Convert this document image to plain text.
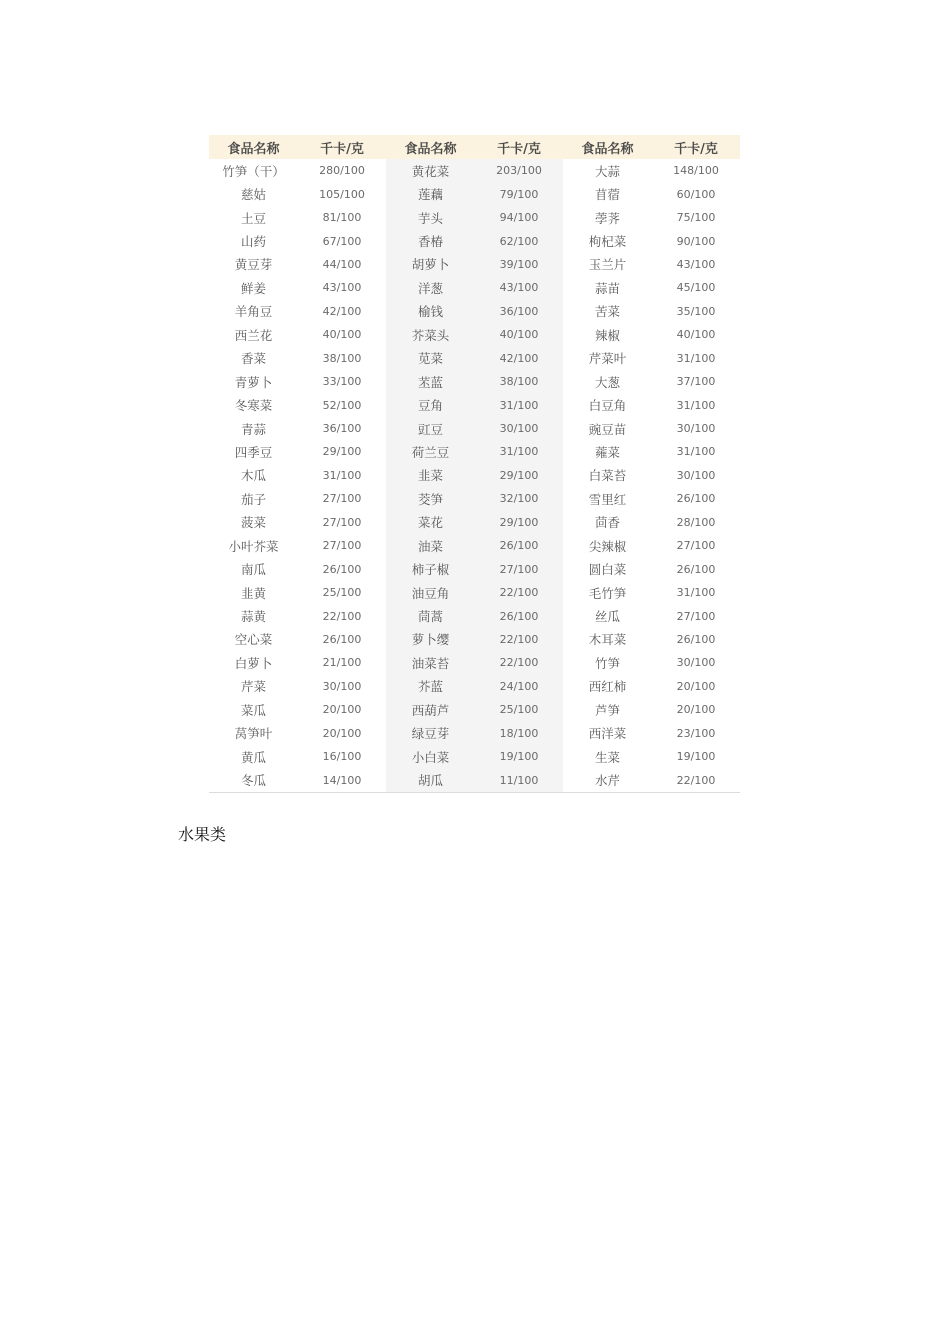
食品名称	千卡/克	食品名称	千卡/克	食品名称	千卡/克
竹笋（干）	280/100	黄花菜	203/100	大蒜	148/100
慈姑	105/100	莲藕	79/100	苜蓿	60/100
土豆	81/100	芋头	94/100	荸荠	75/100
山药	67/100	香椿	62/100	枸杞菜	90/100
黄豆芽	44/100	胡萝卜	39/100	玉兰片	43/100
鲜姜	43/100	洋葱	43/100	蒜苗	45/100
羊角豆	42/100	榆钱	36/100	苦菜	35/100
西兰花	40/100	芥菜头	40/100	辣椒	40/100
香菜	38/100	苋菜	42/100	芹菜叶	31/100
青萝卜	33/100	苤蓝	38/100	大葱	37/100
冬寒菜	52/100	豆角	31/100	白豆角	31/100
青蒜	36/100	豇豆	30/100	豌豆苗	30/100
四季豆	29/100	荷兰豆	31/100	蕹菜	31/100
木瓜	31/100	韭菜	29/100	白菜苔	30/100
茄子	27/100	茭笋	32/100	雪里红	26/100
菠菜	27/100	菜花	29/100	茴香	28/100
小叶芥菜	27/100	油菜	26/100	尖辣椒	27/100
南瓜	26/100	柿子椒	27/100	圆白菜	26/100
韭黄	25/100	油豆角	22/100	毛竹笋	31/100
蒜黄	22/100	茼蒿	26/100	丝瓜	27/100
空心菜	26/100	萝卜缨	22/100	木耳菜	26/100
白萝卜	21/100	油菜苔	22/100	竹笋	30/100
芹菜	30/100	芥蓝	24/100	西红柿	20/100
菜瓜	20/100	西葫芦	25/100	芦笋	20/100
莴笋叶	20/100	绿豆芽	18/100	西洋菜	23/100
黄瓜	16/100	小白菜	19/100	生菜	19/100
冬瓜	14/100	胡瓜	11/100	水芹	22/100
水果类
